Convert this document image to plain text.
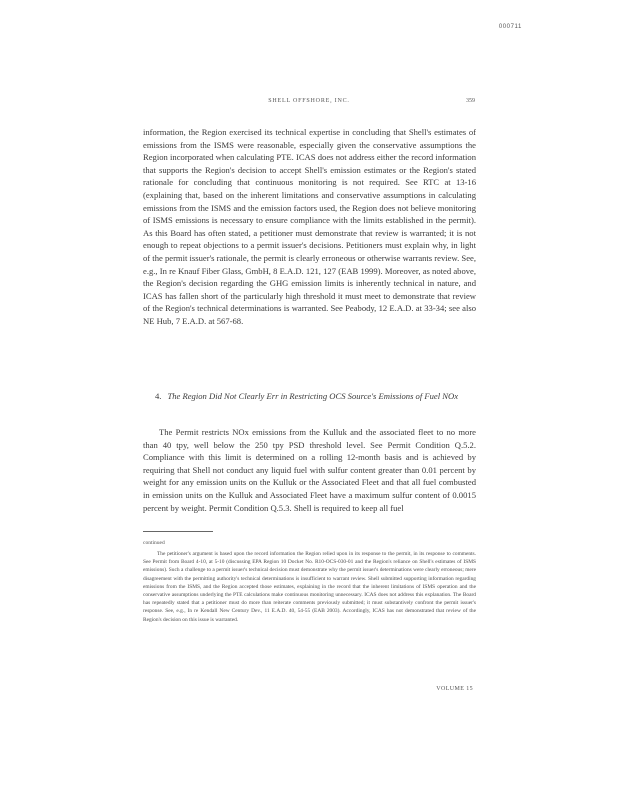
000711
SHELL OFFSHORE, INC.	359

information, the Region exercised its technical expertise in concluding that Shell's estimates of emissions from the ISMS were reasonable, especially given the conservative assumptions the Region incorporated when calculating PTE. ICAS does not address either the record information that supports the Region's decision to accept Shell's emission estimates or the Region's stated rationale for concluding that continuous monitoring is not required. See RTC at 13-16 (explaining that, based on the inherent limitations and conservative assumptions in calculating emissions from the ISMS and the emission factors used, the Region does not believe monitoring of ISMS emissions is necessary to ensure compliance with the limits established in the permit). As this Board has often stated, a petitioner must demonstrate that review is warranted; it is not enough to repeat objections to a permit issuer's decisions. Petitioners must explain why, in light of the permit issuer's rationale, the permit is clearly erroneous or otherwise warrants review. See, e.g., In re Knauf Fiber Glass, GmbH, 8 E.A.D. 121, 127 (EAB 1999). Moreover, as noted above, the Region's decision regarding the GHG emission limits is inherently technical in nature, and ICAS has fallen short of the particularly high threshold it must meet to demonstrate that review of the Region's technical determinations is warranted. See Peabody, 12 E.A.D. at 33-34; see also NE Hub, 7 E.A.D. at 567-68.

4. The Region Did Not Clearly Err in Restricting OCS Source's Emissions of Fuel NOx

The Permit restricts NOx emissions from the Kulluk and the associated fleet to no more than 40 tpy, well below the 250 tpy PSD threshold level. See Permit Condition Q.5.2. Compliance with this limit is determined on a rolling 12-month basis and is achieved by requiring that Shell not conduct any liquid fuel with sulfur content greater than 0.01 percent by weight for any emission units on the Kulluk or the Associated Fleet and that all fuel combusted in emission units on the Kulluk and Associated Fleet have a maximum sulfur content of 0.0015 percent by weight. Permit Condition Q.5.3. Shell is required to keep all fuel

continued

The petitioner's argument is based upon the record information the Region relied upon in its response to the permit, in its response to comments. See Permit from Board 4-10, at 5-10 (discussing EPA Region 10 Docket No. R10-OCS-030-01 and the Region's reliance on Shell's estimates of ISMS emissions). Such a challenge to a permit issuer's technical decision must demonstrate why the permit issuer's determinations were clearly erroneous; mere disagreement with the permitting authority's technical determinations is insufficient to warrant review. Shell submitted supporting information regarding emissions from the ISMS, and the Region accepted those estimates, explaining in the record that the inherent limitations of ISMS operation and the conservative assumptions underlying the PTE calculations make continuous monitoring unnecessary. ICAS does not address this explanation. The Board has repeatedly stated that a petitioner must do more than reiterate comments previously submitted; it must substantively confront the permit issuer's response. See, e.g., In re Kendall New Century Dev., 11 E.A.D. 40, 54-55 (EAB 2003). Accordingly, ICAS has not demonstrated that review of the Region's decision on this issue is warranted.

VOLUME 15
